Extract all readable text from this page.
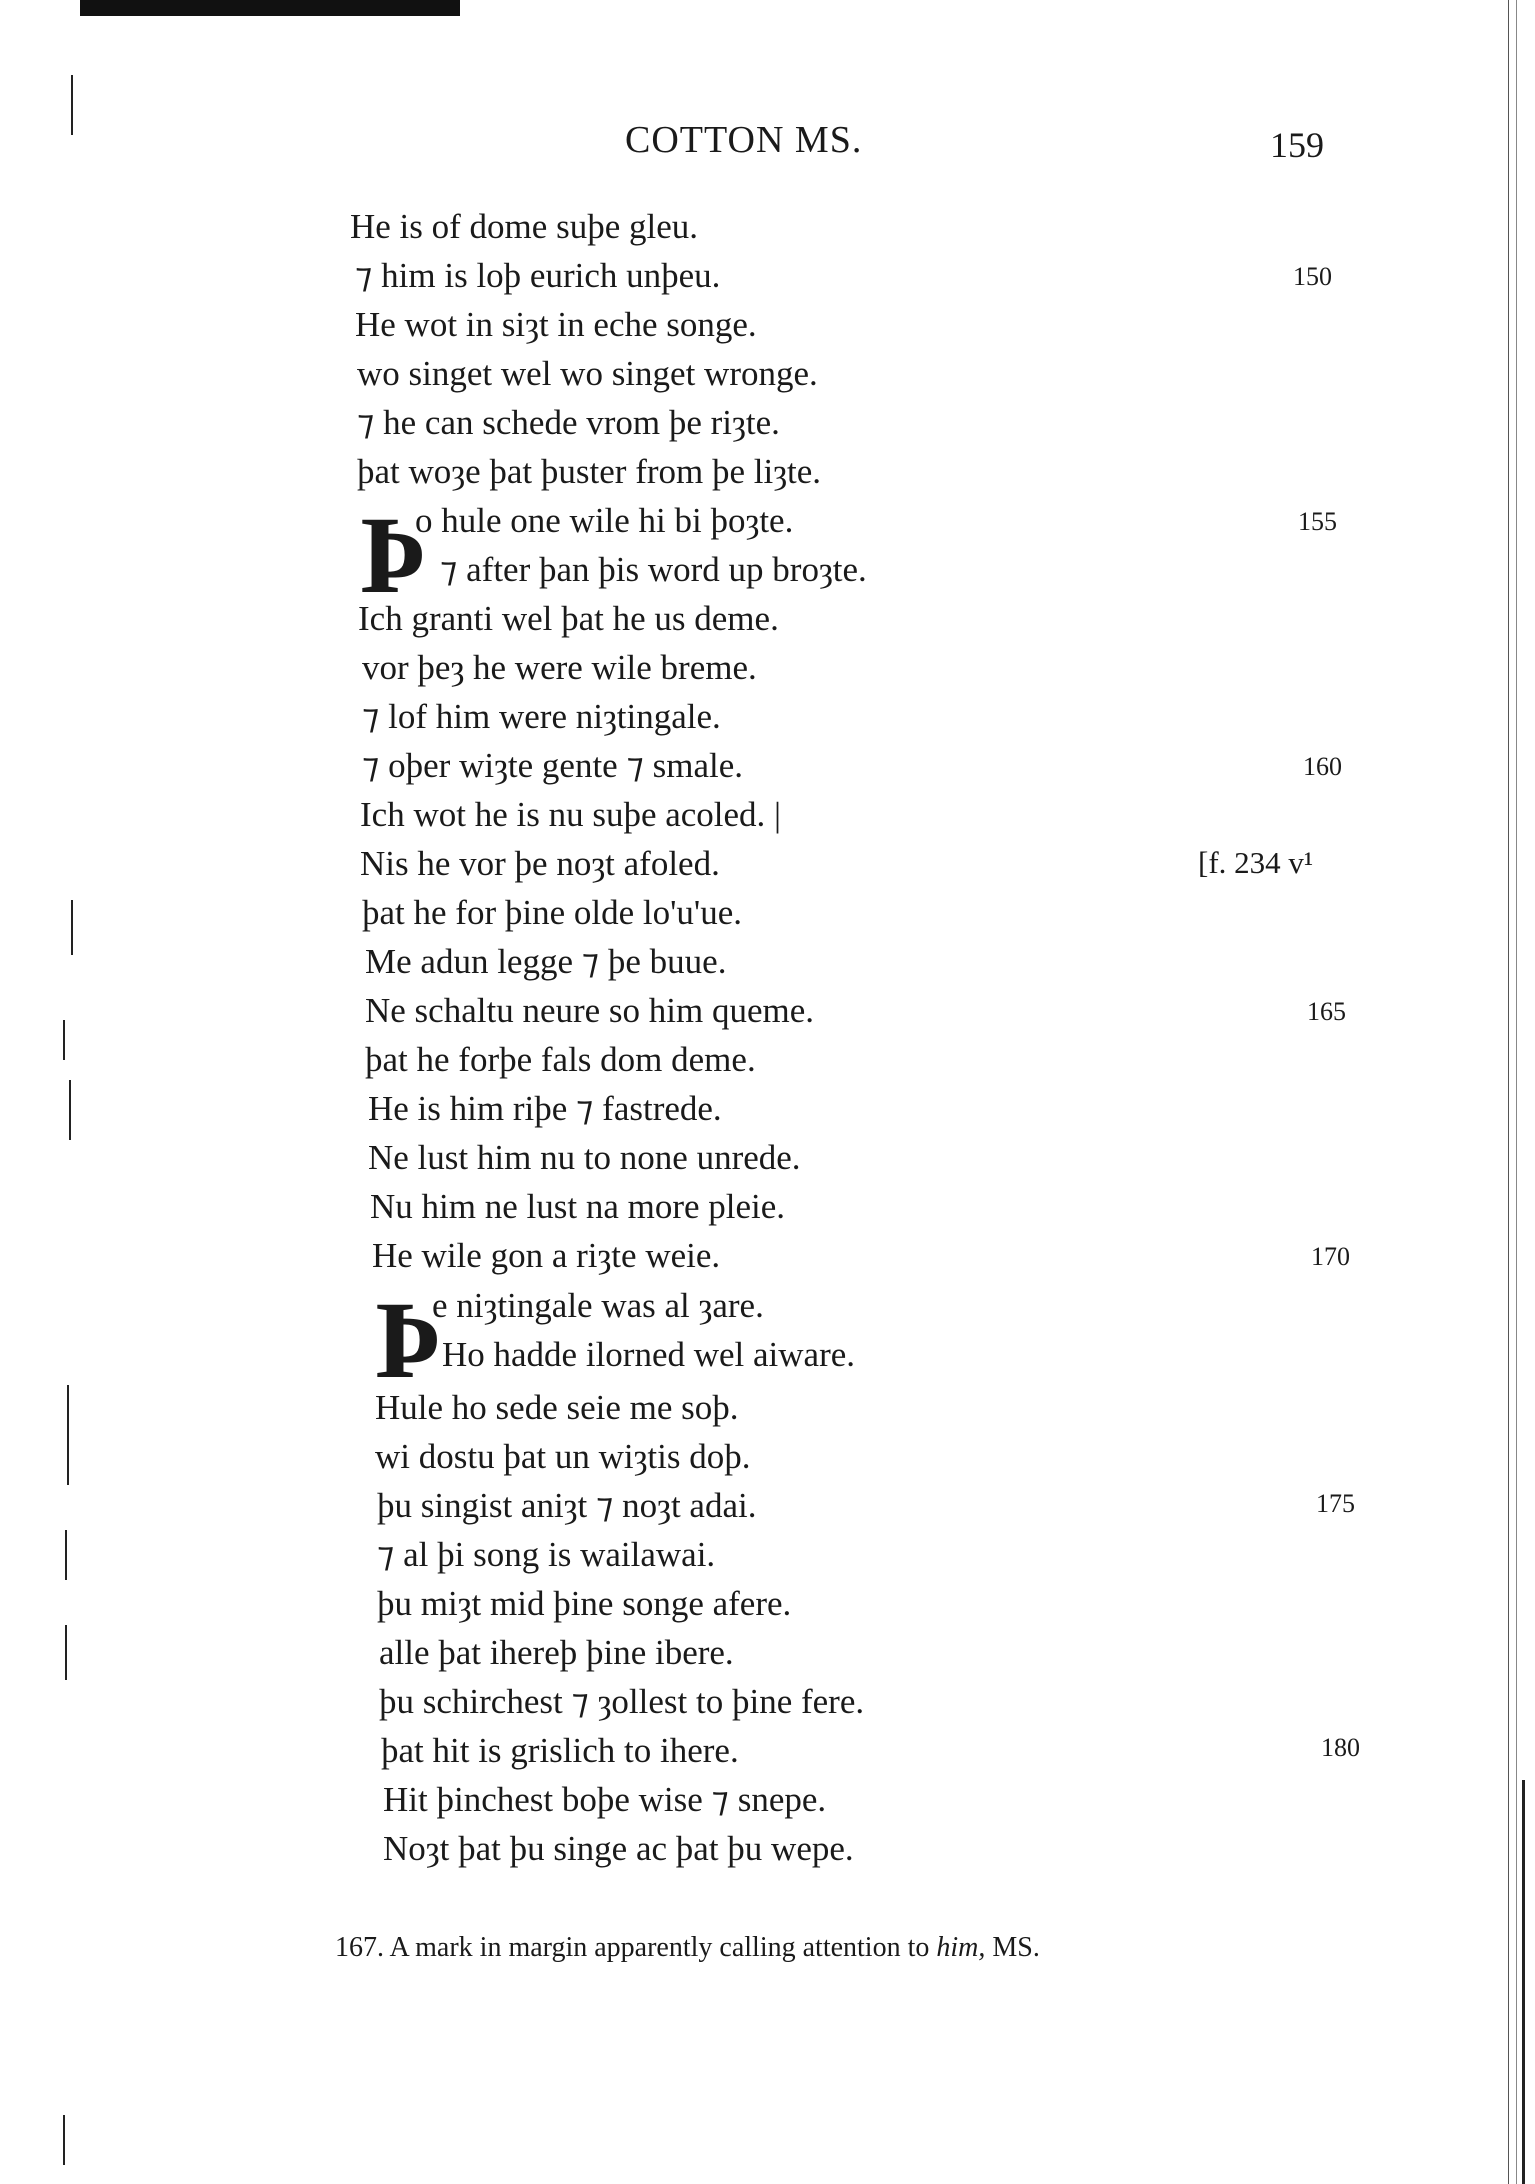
COTTON MS.	159
He is of dome suþe gleu.
⁊ him is loþ eurich unþeu.
He wot in siȝt in eche songe.
wo singet wel wo singet wronge.
⁊ he can schede vrom þe riȝte.
þat woȝe þat þuster from þe liȝte.
Þ
o hule one wile hi bi þoȝte.
⁊ after þan þis word up broȝte.
Ich granti wel þat he us deme.
vor þeȝ he were wile breme.
⁊ lof him were niȝtingale.
⁊ oþer wiȝte gente ⁊ smale.
Ich wot he is nu suþe acoled. |
Nis he vor þe noȝt afoled.
þat he for þine olde lo'u'ue.
Me adun legge ⁊ þe buue.
Ne schaltu neure so him queme.
þat he forþe fals dom deme.
He is him riþe ⁊ fastrede.
Ne lust him nu to none unrede.
Nu him ne lust na more pleie.
He wile gon a riȝte weie.
Þ
e niȝtingale was al ȝare.
Ho hadde ilorned wel aiware.
Hule ho sede seie me soþ.
wi dostu þat un wiȝtis doþ.
þu singist aniȝt ⁊ noȝt adai.
⁊ al þi song is wailawai.
þu miȝt mid þine songe afere.
alle þat ihereþ þine ibere.
þu schirchest ⁊ ȝollest to þine fere.
þat hit is grislich to ihere.
Hit þinchest boþe wise ⁊ snepe.
Noȝt þat þu singe ac þat þu wepe.
150
155
160
[f. 234 v¹
165
170
175
180
167. A mark in margin apparently calling attention to him, MS.
